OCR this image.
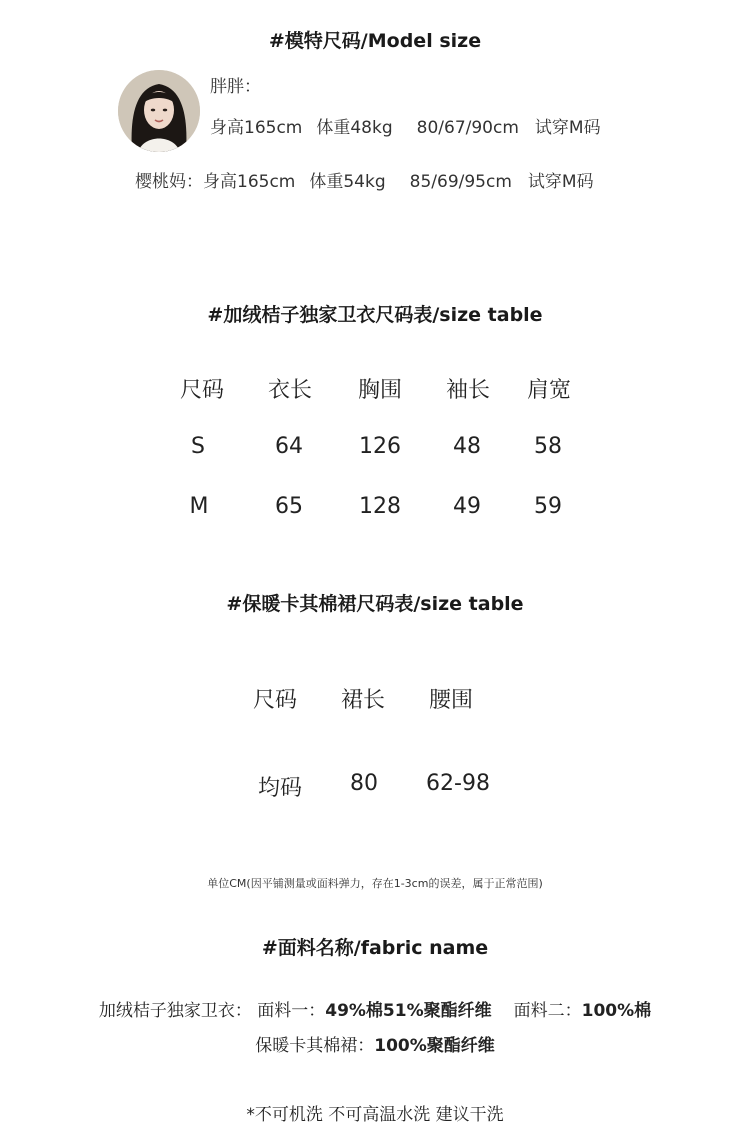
#模特尺码/Model size
胖胖：
身高165cm 体重48kg 80/67/90cm 试穿M码
樱桃妈：身高165cm 体重54kg 85/69/95cm 试穿M码
#加绒桔子独家卫衣尺码表/size table
尺码	衣长	胸围	袖长	肩宽
S	64	126	48	58
M	65	128	49	59
#保暖卡其棉裙尺码表/size table
尺码	裙长	腰围
均码	80	62-98
单位CM(因平铺测量或面料弹力，存在1-3cm的误差，属于正常范围)
#面料名称/fabric name
加绒桔子独家卫衣： 面料一：49%棉51%聚酯纤维 面料二：100%棉
保暖卡其棉裙：100%聚酯纤维
*不可机洗 不可高温水洗 建议干洗
